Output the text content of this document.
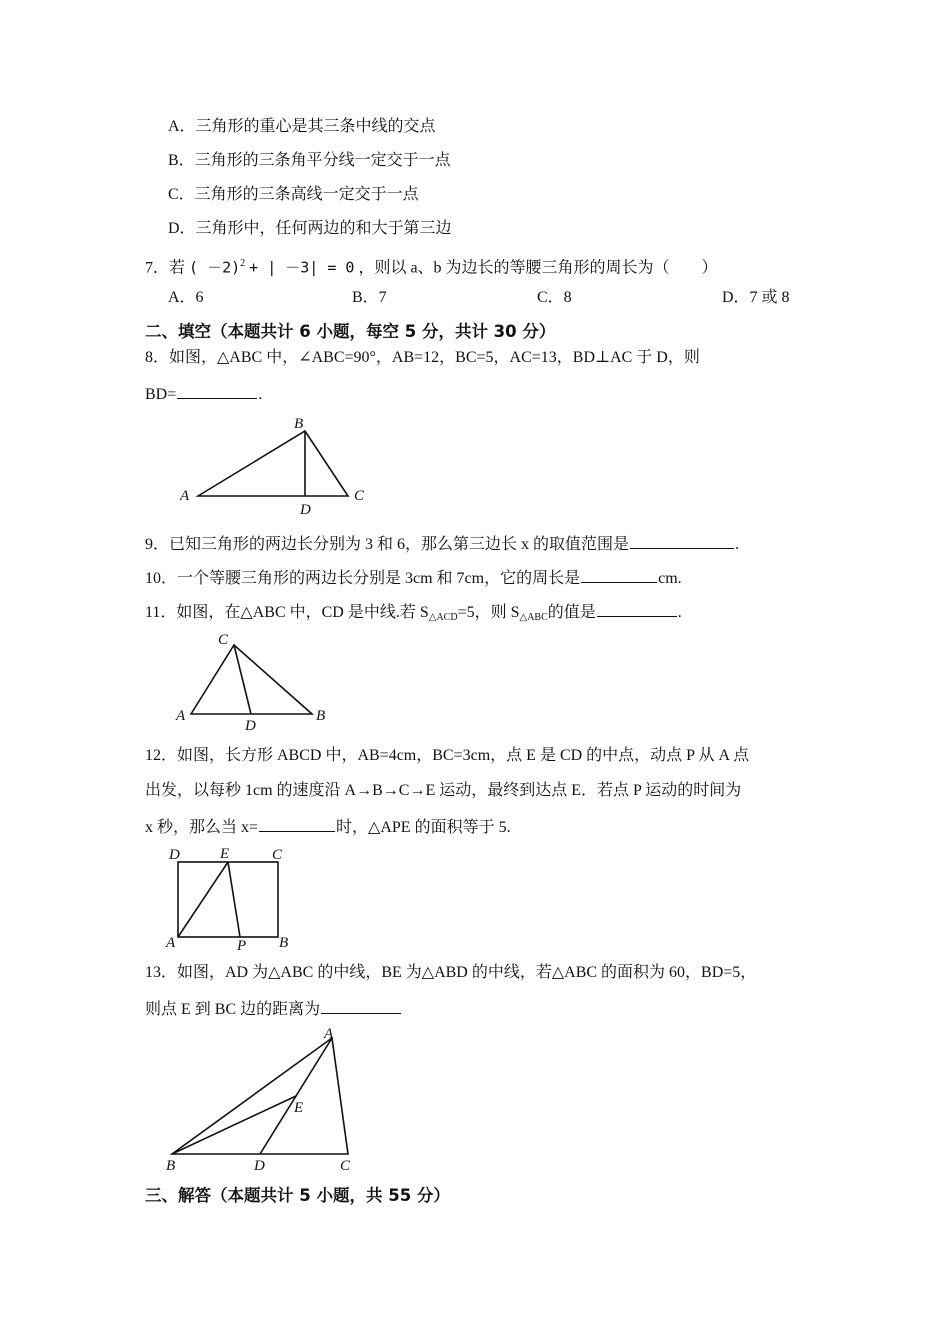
A．三角形的重心是其三条中线的交点
B．三角形的三条角平分线一定交于一点
C．三角形的三条高线一定交于一点
D．三角形中，任何两边的和大于第三边
7．若 ( －2)$^2$ + | －3| = 0 ，则以 a、b 为边长的等腰三角形的周长为（　　）
A．6	B．7	C．8	D．7 或 8
二、填空（本题共计 6 小题，每空 5 分，共计 30 分）
8．如图，△ABC 中，∠ABC=90°，AB=12，BC=5，AC=13，BD⊥AC 于 D，则
BD=	.
A
B
C
D
9．已知三角形的两边长分别为 3 和 6，那么第三边长 x 的取值范围是	.
10．一个等腰三角形的两边长分别是 3cm 和 7cm，它的周长是	cm.
11．如图，在△ABC 中，CD 是中线.若 $S_{\triangle ACD}=5$，则 $S_{\triangle ABC}$的值是	.
A	B
C
D
12．如图，长方形 ABCD 中，AB=4cm，BC=3cm，点 E 是 CD 的中点，动点 P 从 A 点
出发，以每秒 1cm 的速度沿 A→B→C→E 运动，最终到达点 E．若点 P 运动的时间为
x 秒，那么当 x=	时，△APE 的面积等于 5.
D	E	C
A	P B
13．如图，AD 为△ABC 的中线，BE 为△ABD 的中线，若△ABC 的面积为 60，BD=5，
则点 E 到 BC 边的距离为
A
B	D	C
E
三、解答（本题共计 5 小题，共 55 分）
